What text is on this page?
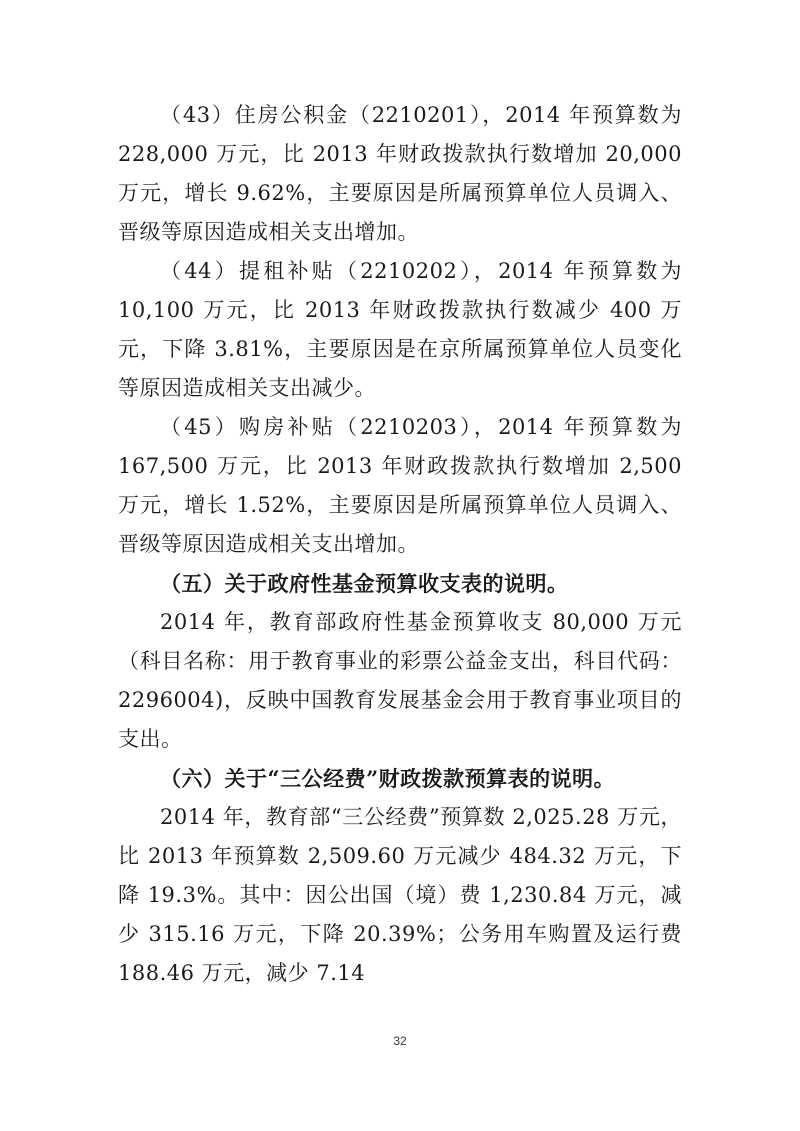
（43）住房公积金（2210201），2014 年预算数为 228,000 万元，比 2013 年财政拨款执行数增加 20,000 万元，增长 9.62%，主要原因是所属预算单位人员调入、晋级等原因造成相关支出增加。

（44）提租补贴（2210202），2014 年预算数为 10,100 万元，比 2013 年财政拨款执行数减少 400 万元，下降 3.81%，主要原因是在京所属预算单位人员变化等原因造成相关支出减少。

（45）购房补贴（2210203），2014 年预算数为 167,500 万元，比 2013 年财政拨款执行数增加 2,500 万元，增长 1.52%，主要原因是所属预算单位人员调入、晋级等原因造成相关支出增加。

（五）关于政府性基金预算收支表的说明。

2014 年，教育部政府性基金预算收支 80,000 万元（科目名称：用于教育事业的彩票公益金支出，科目代码：2296004)，反映中国教育发展基金会用于教育事业项目的支出。

（六）关于“三公经费”财政拨款预算表的说明。

2014 年，教育部“三公经费”预算数 2,025.28 万元，比 2013 年预算数 2,509.60 万元减少 484.32 万元，下降 19.3%。其中：因公出国（境）费 1,230.84 万元，减少 315.16 万元，下降 20.39%；公务用车购置及运行费 188.46 万元，减少 7.14

32
